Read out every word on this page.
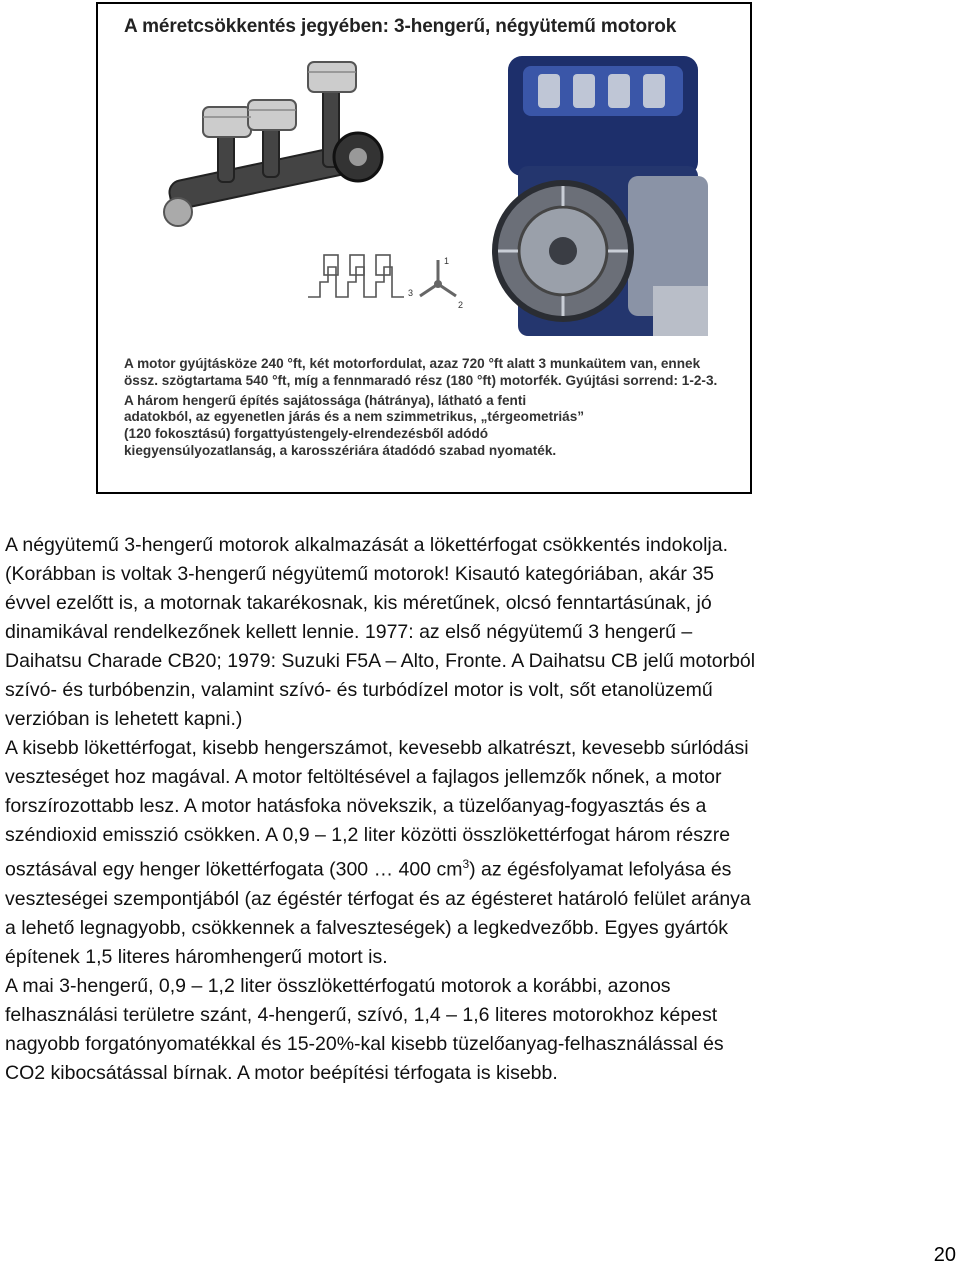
A méretcsökkentés jegyében: 3-hengerű, négyütemű motorok
1
2
3

A motor gyújtásköze 240 °ft, két motorfordulat, azaz 720 °ft alatt 3 munkaütem van, ennek
össz. szögtartama 540 °ft, míg a fennmaradó rész (180 °ft) motorfék. Gyújtási sorrend: 1-2-3.

A három hengerű építés sajátossága (hátránya), látható a fenti
adatokból, az egyenetlen járás és a nem szimmetrikus, „térgeometriás”
(120 fokosztású) forgattyústengely-elrendezésből adódó
kiegyensúlyozatlanság, a karosszériára átadódó szabad nyomaték.

A négyütemű 3-hengerű motorok alkalmazását a lökettérfogat csökkentés indokolja.
(Korábban is voltak 3-hengerű négyütemű motorok! Kisautó kategóriában, akár 35
évvel ezelőtt is, a motornak takarékosnak, kis méretűnek, olcsó fenntartásúnak, jó
dinamikával rendelkezőnek kellett lennie. 1977: az első négyütemű 3 hengerű –
Daihatsu Charade CB20; 1979: Suzuki F5A – Alto, Fronte. A Daihatsu CB jelű motorból
szívó- és turbóbenzin, valamint szívó- és turbódízel motor is volt, sőt etanolüzemű
verzióban is lehetett kapni.)

A kisebb lökettérfogat, kisebb hengerszámot, kevesebb alkatrészt, kevesebb súrlódási
veszteséget hoz magával. A motor feltöltésével a fajlagos jellemzők nőnek, a motor
forszírozottabb lesz. A motor hatásfoka növekszik, a tüzelőanyag-fogyasztás és a
széndioxid emisszió csökken. A 0,9 – 1,2 liter közötti összlökettérfogat három részre
osztásával egy henger lökettérfogata (300 … 400 $cm^3$) az égésfolyamat lefolyása és
veszteségei szempontjából (az égéstér térfogat és az égésteret határoló felület aránya
a lehető legnagyobb, csökkennek a falveszteségek) a legkedvezőbb. Egyes gyártók
építenek 1,5 literes háromhengerű motort is.

A mai 3-hengerű, 0,9 – 1,2 liter összlökettérfogatú motorok a korábbi, azonos
felhasználási területre szánt, 4-hengerű, szívó, 1,4 – 1,6 literes motorokhoz képest
nagyobb forgatónyomatékkal és 15-20%-kal kisebb tüzelőanyag-felhasználással és
CO2 kibocsátással bírnak. A motor beépítési térfogata is kisebb.

20
